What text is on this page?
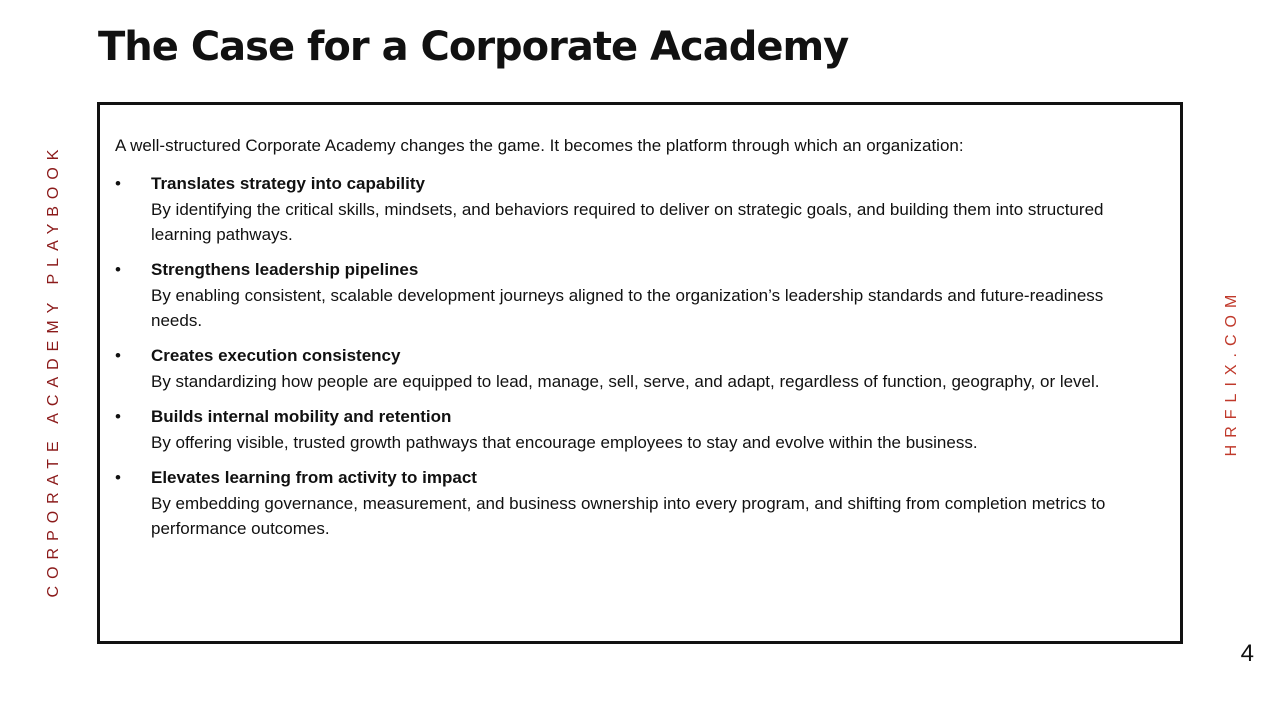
The Case for a Corporate Academy

A well-structured Corporate Academy changes the game. It becomes the platform through which an organization:

• Translates strategy into capability
By identifying the critical skills, mindsets, and behaviors required to deliver on strategic goals, and building them into structured learning pathways.
• Strengthens leadership pipelines
By enabling consistent, scalable development journeys aligned to the organization’s leadership standards and future-readiness needs.
• Creates execution consistency
By standardizing how people are equipped to lead, manage, sell, serve, and adapt, regardless of function, geography, or level.
• Builds internal mobility and retention
By offering visible, trusted growth pathways that encourage employees to stay and evolve within the business.
• Elevates learning from activity to impact
By embedding governance, measurement, and business ownership into every program, and shifting from completion metrics to performance outcomes.
CORPORATE ACADEMY PLAYBOOK	HRFLIX.COM
4
